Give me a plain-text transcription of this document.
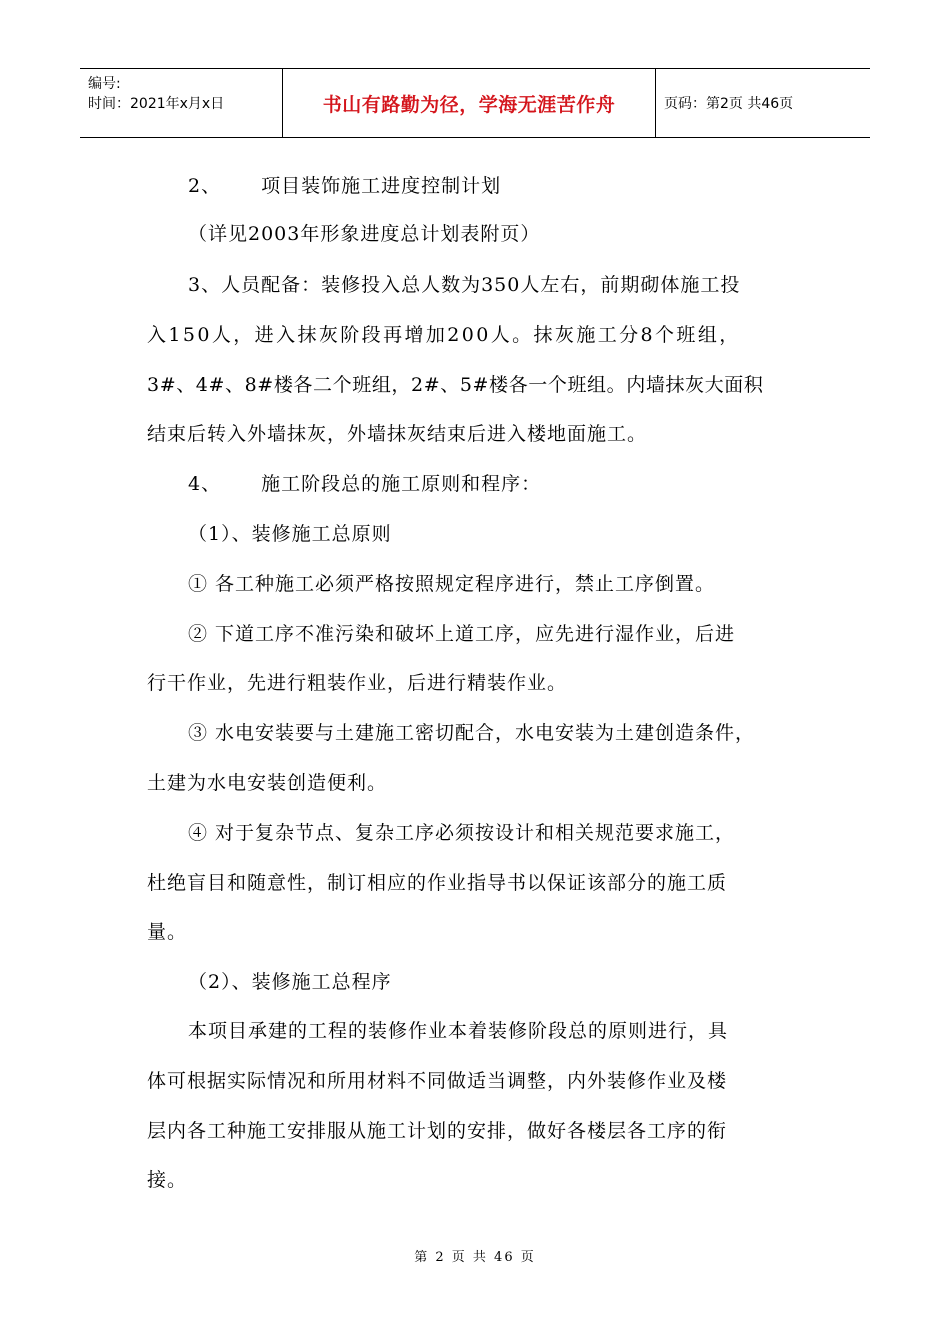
编号:
时间：2021年x月x日	书山有路勤为径，学海无涯苦作舟	页码：第2页 共46页
2、 项目装饰施工进度控制计划
（详见2003年形象进度总计划表附页）
3、人员配备：装修投入总人数为350人左右，前期砌体施工投
入150人，进入抹灰阶段再增加200人。抹灰施工分8个班组，
3#、4#、8#楼各二个班组，2#、5#楼各一个班组。内墙抹灰大面积
结束后转入外墙抹灰，外墙抹灰结束后进入楼地面施工。
4、 施工阶段总的施工原则和程序：
（1）、装修施工总原则
① 各工种施工必须严格按照规定程序进行，禁止工序倒置。
② 下道工序不准污染和破坏上道工序，应先进行湿作业，后进
行干作业，先进行粗装作业，后进行精装作业。
③ 水电安装要与土建施工密切配合，水电安装为土建创造条件，
土建为水电安装创造便利。
④ 对于复杂节点、复杂工序必须按设计和相关规范要求施工，
杜绝盲目和随意性，制订相应的作业指导书以保证该部分的施工质
量。
（2）、装修施工总程序
本项目承建的工程的装修作业本着装修阶段总的原则进行，具
体可根据实际情况和所用材料不同做适当调整，内外装修作业及楼
层内各工种施工安排服从施工计划的安排，做好各楼层各工序的衔
接。
第 2 页 共 46 页
